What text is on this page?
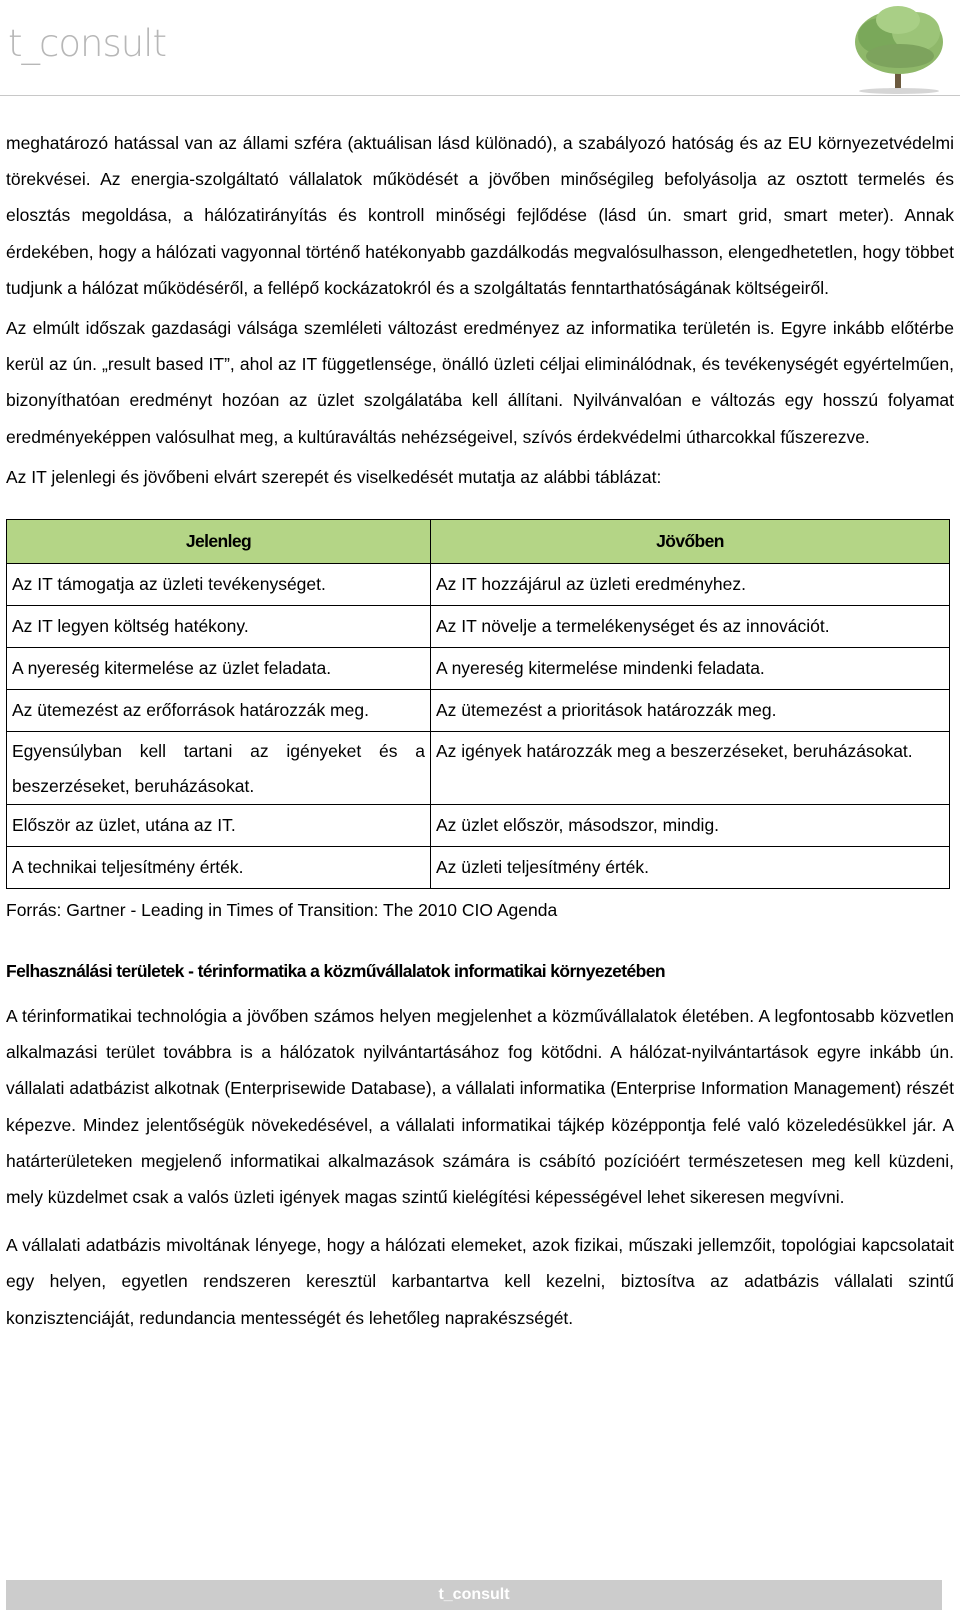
t_consult

meghatározó hatással van az állami szféra (aktuálisan lásd különadó), a szabályozó hatóság és az EU környezetvédelmi törekvései. Az energia-szolgáltató vállalatok működését a jövőben minőségileg befolyásolja az osztott termelés és elosztás megoldása, a hálózatirányítás és kontroll minőségi fejlődése (lásd ún. smart grid, smart meter). Annak érdekében, hogy a hálózati vagyonnal történő hatékonyabb gazdálkodás megvalósulhasson, elengedhetetlen, hogy többet tudjunk a hálózat működéséről, a fellépő kockázatokról és a szolgáltatás fenntarthatóságának költségeiről.

Az elmúlt időszak gazdasági válsága szemléleti változást eredményez az informatika területén is. Egyre inkább előtérbe kerül az ún. „result based IT”, ahol az IT függetlensége, önálló üzleti céljai eliminálódnak, és tevékenységét egyértelműen, bizonyíthatóan eredményt hozóan az üzlet szolgálatába kell állítani. Nyilvánvalóan e változás egy hosszú folyamat eredményeképpen valósulhat meg, a kultúraváltás nehézségeivel, szívós érdekvédelmi útharcokkal fűszerezve.

Az IT jelenlegi és jövőbeni elvárt szerepét és viselkedését mutatja az alábbi táblázat:

Jelenleg	Jövőben
Az IT támogatja az üzleti tevékenységet.	Az IT hozzájárul az üzleti eredményhez.
Az IT legyen költség hatékony.	Az IT növelje a termelékenységet és az innovációt.
A nyereség kitermelése az üzlet feladata.	A nyereség kitermelése mindenki feladata.
Az ütemezést az erőforrások határozzák meg.	Az ütemezést a prioritások határozzák meg.
Egyensúlyban kell tartani az igényeket és a beszerzéseket, beruházásokat.	Az igények határozzák meg a beszerzéseket, beruházásokat.
Először az üzlet, utána az IT.	Az üzlet először, másodszor, mindig.
A technikai teljesítmény érték.	Az üzleti teljesítmény érték.
Forrás: Gartner - Leading in Times of Transition: The 2010 CIO Agenda
Felhasználási területek - térinformatika a közművállalatok informatikai környezetében

A térinformatikai technológia a jövőben számos helyen megjelenhet a közművállalatok életében. A legfontosabb közvetlen alkalmazási terület továbbra is a hálózatok nyilvántartásához fog kötődni. A hálózat-nyilvántartások egyre inkább ún. vállalati adatbázist alkotnak (Enterprisewide Database), a vállalati informatika (Enterprise Information Management) részét képezve. Mindez jelentőségük növekedésével, a vállalati informatikai tájkép középpontja felé való közeledésükkel jár. A határterületeken megjelenő informatikai alkalmazások számára is csábító pozícióért természetesen meg kell küzdeni, mely küzdelmet csak a valós üzleti igények magas szintű kielégítési képességével lehet sikeresen megvívni.

A vállalati adatbázis mivoltának lényege, hogy a hálózati elemeket, azok fizikai, műszaki jellemzőit, topológiai kapcsolatait egy helyen, egyetlen rendszeren keresztül karbantartva kell kezelni, biztosítva az adatbázis vállalati szintű konzisztenciáját, redundancia mentességét és lehetőleg naprakészségét.

t_consult
